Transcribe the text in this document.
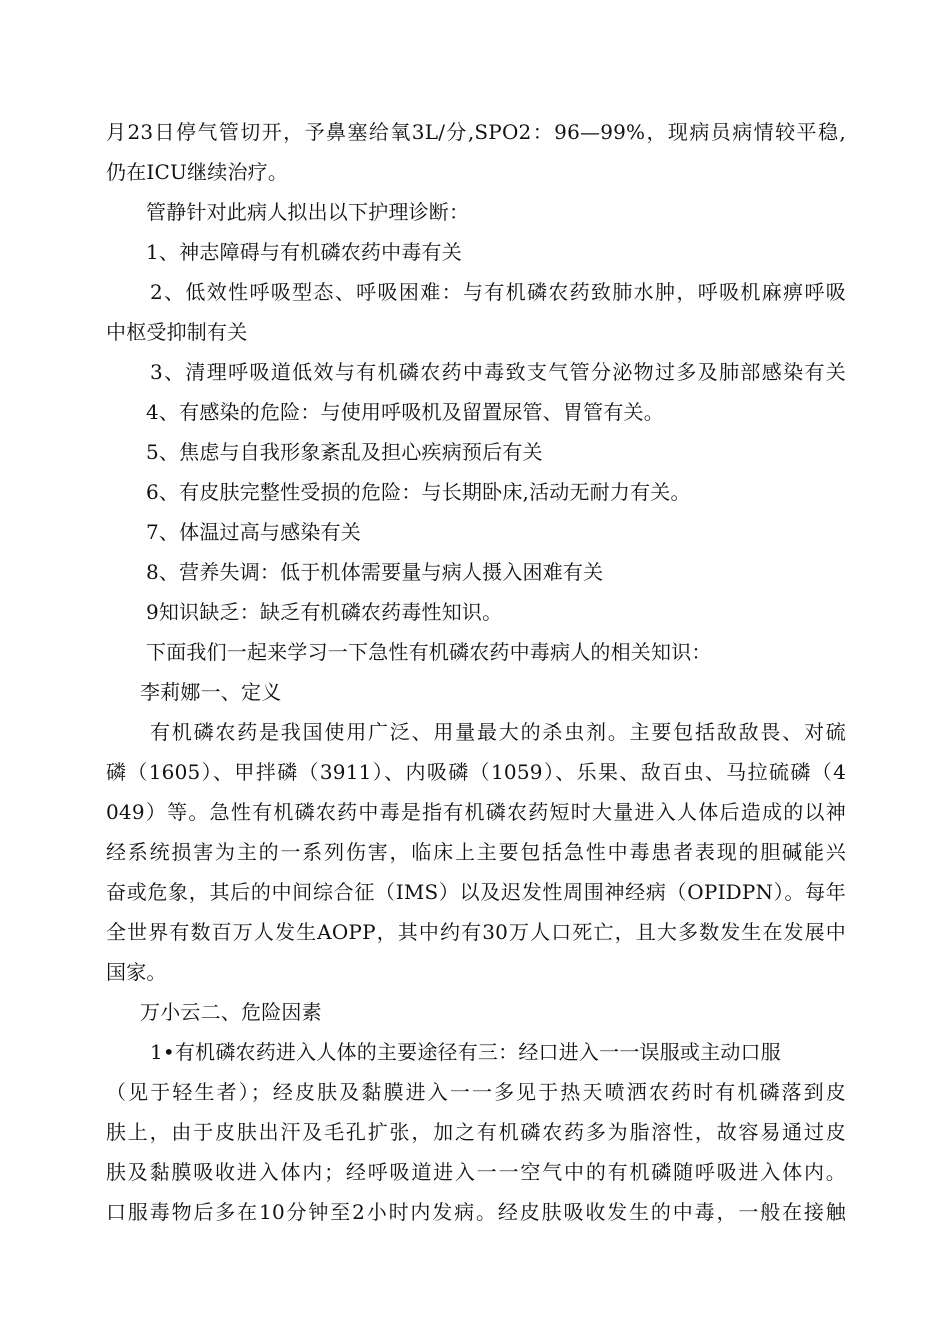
月23日停气管切开，予鼻塞给氧3L/分,SPO2：96—99%，现病员病情较平稳,
仍在ICU继续治疗。
管静针对此病人拟出以下护理诊断：
1、神志障碍与有机磷农药中毒有关
2、低效性呼吸型态、呼吸困难：与有机磷农药致肺水肿，呼吸机麻痹呼吸
中枢受抑制有关
3、清理呼吸道低效与有机磷农药中毒致支气管分泌物过多及肺部感染有关
4、有感染的危险：与使用呼吸机及留置尿管、胃管有关。
5、焦虑与自我形象紊乱及担心疾病预后有关
6、有皮肤完整性受损的危险：与长期卧床,活动无耐力有关。
7、体温过高与感染有关
8、营养失调：低于机体需要量与病人摄入困难有关
9知识缺乏：缺乏有机磷农药毒性知识。
下面我们一起来学习一下急性有机磷农药中毒病人的相关知识：
李莉娜一、定义
有机磷农药是我国使用广泛、用量最大的杀虫剂。主要包括敌敌畏、对硫
磷（1605）、甲拌磷（3911）、内吸磷（1059）、乐果、敌百虫、马拉硫磷（4
049）等。急性有机磷农药中毒是指有机磷农药短时大量进入人体后造成的以神
经系统损害为主的一系列伤害，临床上主要包括急性中毒患者表现的胆碱能兴
奋或危象，其后的中间综合征（IMS）以及迟发性周围神经病（OPIDPN）。每年
全世界有数百万人发生AOPP，其中约有30万人口死亡，且大多数发生在发展中
国家。
万小云二、危险因素
1•有机磷农药进入人体的主要途径有三：经口进入一一误服或主动口服
（见于轻生者）；经皮肤及黏膜进入一一多见于热天喷洒农药时有机磷落到皮
肤上，由于皮肤出汗及毛孔扩张，加之有机磷农药多为脂溶性，故容易通过皮
肤及黏膜吸收进入体内；经呼吸道进入一一空气中的有机磷随呼吸进入体内。
口服毒物后多在10分钟至2小时内发病。经皮肤吸收发生的中毒，一般在接触
